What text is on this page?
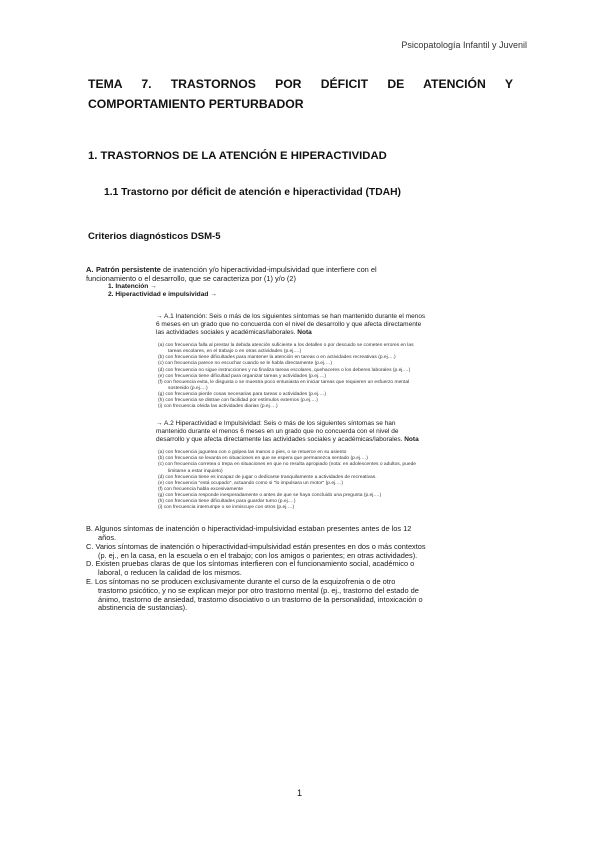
Psicopatología Infantil y Juvenil
TEMA 7. TRASTORNOS POR DÉFICIT DE ATENCIÓN Y
COMPORTAMIENTO PERTURBADOR
1. TRASTORNOS DE LA ATENCIÓN E HIPERACTIVIDAD
1.1 Trastorno por déficit de atención e hiperactividad (TDAH)
Criterios diagnósticos DSM-5
A. Patrón persistente de inatención y/o hiperactividad-impulsividad que interfiere con el funcionamiento o el desarrollo, que se caracteriza por (1) y/o (2)
1. Inatención →
2. Hiperactividad e impulsividad →
→ A.1 Inatención: Seis o más de los siguientes síntomas se han mantenido durante el menos 6 meses en un grado que no concuerda con el nivel de desarrollo y que afecta directamente las actividades sociales y académicas/laborales. Nota
(a) con frecuencia falla al prestar la debida atención suficiente a los detalles o por descuido se cometen errores en las tareas escolares, en el trabajo o en otras actividades (p.ej.…)
(b) con frecuencia tiene dificultades para mantener la atención en tareas o en actividades recreativas (p.ej.…)
(c) con frecuencia parece no escuchar cuando se le habla directamente (p.ej.…)
(d) con frecuencia no sigue instrucciones y no finaliza tareas escolares, quehaceres o los deberes laborales (p.ej.…)
(e) con frecuencia tiene dificultad para organizar tareas y actividades (p.ej.…)
(f) con frecuencia evita, le disgusta o se muestra poco entusiasta en iniciar tareas que requieren un esfuerzo mental sostenido (p.ej.…)
(g) con frecuencia pierde cosas necesarias para tareas o actividades (p.ej.…)
(h) con frecuencia se distrae con facilidad por estímulos externos (p.ej.…)
(i) con frecuencia olvida las actividades diarias (p.ej.…)
→ A.2 Hiperactividad e Impulsividad: Seis o más de los siguientes síntomas se han mantenido durante el menos 6 meses en un grado que no concuerda con el nivel de desarrollo y que afecta directamente las actividades sociales y académicas/laborales. Nota
(a) con frecuencia juguetea con o golpea las manos o pies, o se retuerce en su asiento
(b) con frecuencia se levanta en situaciones en que se espera que permanezca sentado (p.ej.…)
(c) con frecuencia corretea o trepa en situaciones en que no resulta apropiado (nota: en adolescentes o adultos, puede limitarse a estar inquieto)
(d) con frecuencia tiene es incapaz de jugar o dedicarse tranquilamente a actividades de recreativas.
(e) con frecuencia "está ocupado", actuando como si "lo impulsara un motor" (p.ej.…)
(f) con frecuencia habla excesivamente
(g) con frecuencia responde inesperadamente o antes de que se haya concluido una pregunta (p.ej.…)
(h) con frecuencia tiene dificultades para guardar turno (p.ej.…)
(i) con frecuencia interrumpe o se inmiscuye con otros (p.ej.…)
B. Algunos síntomas de inatención o hiperactividad-impulsividad estaban presentes antes de los 12 años.
C. Varios síntomas de inatención o hiperactividad-impulsividad están presentes en dos o más contextos (p. ej., en la casa, en la escuela o en el trabajo; con los amigos o parientes; en otras actividades).
D. Existen pruebas claras de que los síntomas interfieren con el funcionamiento social, académico o laboral, o reducen la calidad de los mismos.
E. Los síntomas no se producen exclusivamente durante el curso de la esquizofrenia o de otro trastorno psicótico, y no se explican mejor por otro trastorno mental (p. ej., trastorno del estado de ánimo, trastorno de ansiedad, trastorno disociativo o un trastorno de la personalidad, intoxicación o abstinencia de sustancias).
1
